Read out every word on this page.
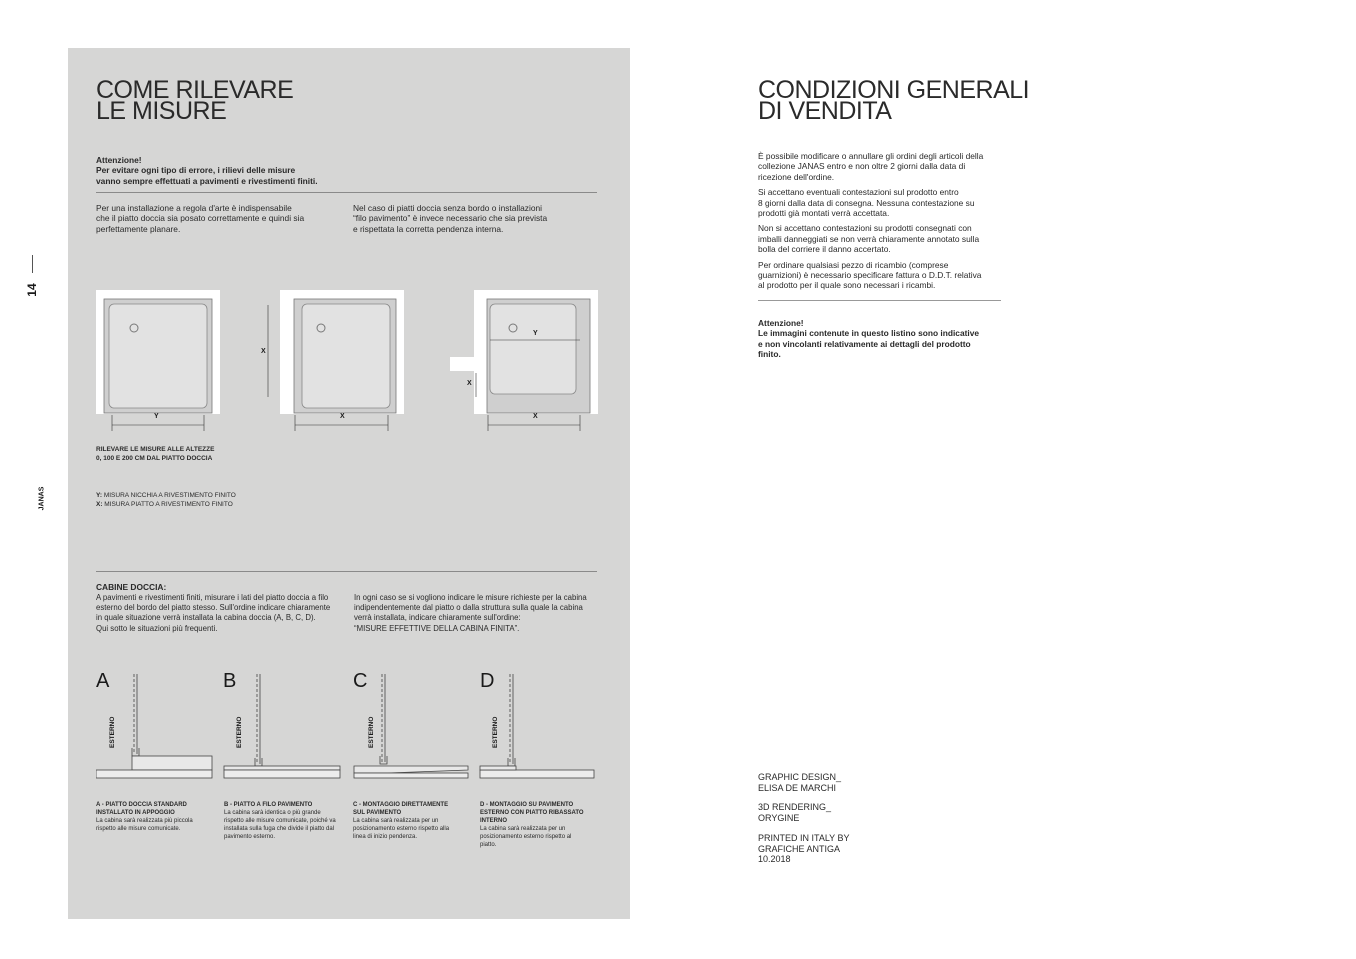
14
JANAS
COME RILEVARE
LE MISURE
Attenzione!
Per evitare ogni tipo di errore, i rilievi delle misure
vanno sempre effettuati a pavimenti e rivestimenti finiti.
Per una installazione a regola d'arte è indispensabile
che il piatto doccia sia posato correttamente e quindi sia
perfettamente planare.
Nel caso di piatti doccia senza bordo o installazioni
“filo pavimento” è invece necessario che sia prevista
e rispettata la corretta pendenza interna.
Y
X
X
Y
X
X
RILEVARE LE MISURE ALLE ALTEZZE
0, 100 E 200 CM DAL PIATTO DOCCIA
Y: MISURA NICCHIA A RIVESTIMENTO FINITO
X: MISURA PIATTO A RIVESTIMENTO FINITO
CABINE DOCCIA:
A pavimenti e rivestimenti finiti, misurare i lati del piatto doccia a filo
esterno del bordo del piatto stesso. Sull'ordine indicare chiaramente
in quale situazione verrà installata la cabina doccia (A, B, C, D).
Qui sotto le situazioni più frequenti.
In ogni caso se si vogliono indicare le misure richieste per la cabina
indipendentemente dal piatto o dalla struttura sulla quale la cabina
verrà installata, indicare chiaramente sull'ordine:
“MISURE EFFETTIVE DELLA CABINA FINITA”.
A	B	C	D
ESTERNO	ESTERNO	ESTERNO	ESTERNO
A - PIATTO DOCCIA STANDARD
INSTALLATO IN APPOGGIO
La cabina sarà realizzata più piccola
rispetto alle misure comunicate.
B - PIATTO A FILO PAVIMENTO
La cabina sarà identica o più grande
rispetto alle misure comunicate, poiché va
installata sulla fuga che divide il piatto dal
pavimento esterno.
C - MONTAGGIO DIRETTAMENTE
SUL PAVIMENTO
La cabina sarà realizzata per un
posizionamento esterno rispetto alla
linea di inizio pendenza.
D - MONTAGGIO SU PAVIMENTO
ESTERNO CON PIATTO RIBASSATO
INTERNO
La cabina sarà realizzata per un
posizionamento esterno rispetto al
piatto.
CONDIZIONI GENERALI
DI VENDITA
È possibile modificare o annullare gli ordini degli articoli della
collezione JANAS entro e non oltre 2 giorni dalla data di
ricezione dell'ordine.
Si accettano eventuali contestazioni sul prodotto entro
8 giorni dalla data di consegna. Nessuna contestazione su
prodotti già montati verrà accettata.
Non si accettano contestazioni su prodotti consegnati con
imballi danneggiati se non verrà chiaramente annotato sulla
bolla del corriere il danno accertato.
Per ordinare qualsiasi pezzo di ricambio (comprese
guarnizioni) è necessario specificare fattura o D.D.T. relativa
al prodotto per il quale sono necessari i ricambi.
Attenzione!
Le immagini contenute in questo listino sono indicative
e non vincolanti relativamente ai dettagli del prodotto
finito.
GRAPHIC DESIGN_
ELISA DE MARCHI
3D RENDERING_
ORYGINE
PRINTED IN ITALY BY
GRAFICHE ANTIGA
10.2018
